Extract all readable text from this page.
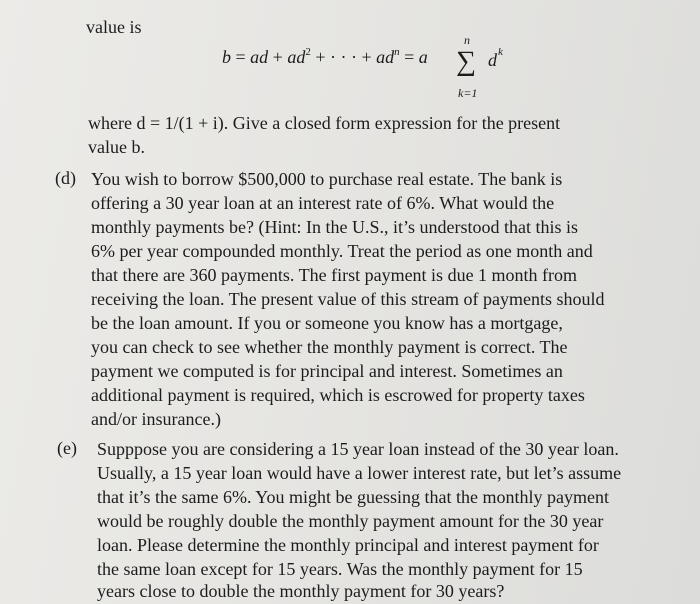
value is
b = ad + $ad^2$ + · · · + $ad^n = a$ ∑
n
k=1
d k
where d = 1/(1 + i). Give a closed form expression for the present
value b.
(d) You wish to borrow $500,000 to purchase real estate. The bank is
offering a 30 year loan at an interest rate of 6%. What would the
monthly payments be? (Hint: In the U.S., it’s understood that this is
6% per year compounded monthly. Treat the period as one month and
that there are 360 payments. The first payment is due 1 month from
receiving the loan. The present value of this stream of payments should
be the loan amount. If you or someone you know has a mortgage,
you can check to see whether the monthly payment is correct. The
payment we computed is for principal and interest. Sometimes an
additional payment is required, which is escrowed for property taxes
and/or insurance.)
(e) Supppose you are considering a 15 year loan instead of the 30 year loan.
Usually, a 15 year loan would have a lower interest rate, but let’s assume
that it’s the same 6%. You might be guessing that the monthly payment
would be roughly double the monthly payment amount for the 30 year
loan. Please determine the monthly principal and interest payment for
the same loan except for 15 years. Was the monthly payment for 15
years close to double the monthly payment for 30 years?
